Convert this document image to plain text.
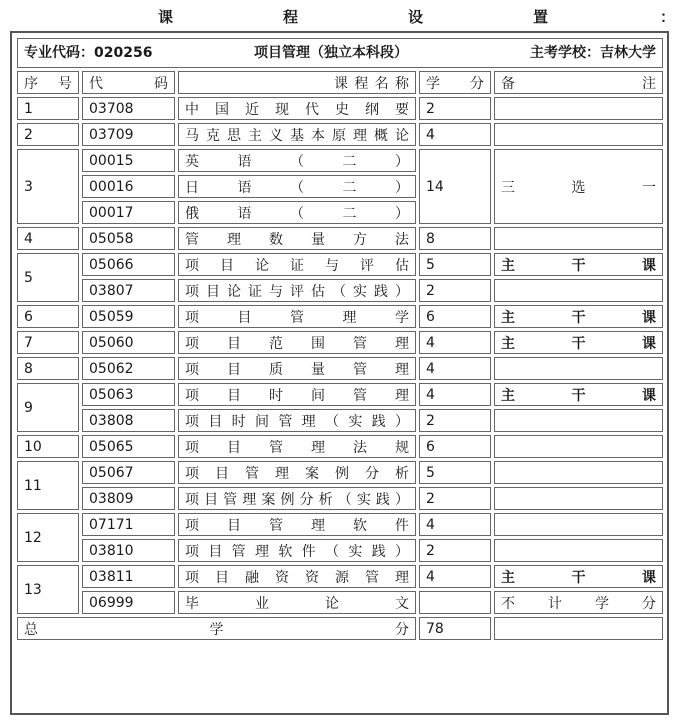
课	程	设	置	：
专业代码：020256 项目管理（独立本科段） 主考学校：吉林大学				

序号	代码	课程名称	学分	备注
1	03708	中国近现代史纲要	2	
2	03709	马克思主义基本原理概论	4	
3	00015	英语（二）	14	三选一
	00016	日语（二）		
	00017	俄语（二）		
4	05058	管理数量方法	8	
5	05066	项目论证与评估	5	主干课
	03807	项目论证与评估（实践）	2	
6	05059	项目管理学	6	主干课
7	05060	项目范围管理	4	主干课
8	05062	项目质量管理	4	
9	05063	项目时间管理	4	主干课
	03808	项目时间管理（实践）	2	
10	05065	项目管理法规	6	
11	05067	项目管理案例分析	5	
	03809	项目管理案例分析（实践）	2	
12	07171	项目管理软件	4	
	03810	项目管理软件（实践）	2	
13	03811	项目融资资源管理	4	主干课
	06999	毕业论文		不计学分
总学分			78	
